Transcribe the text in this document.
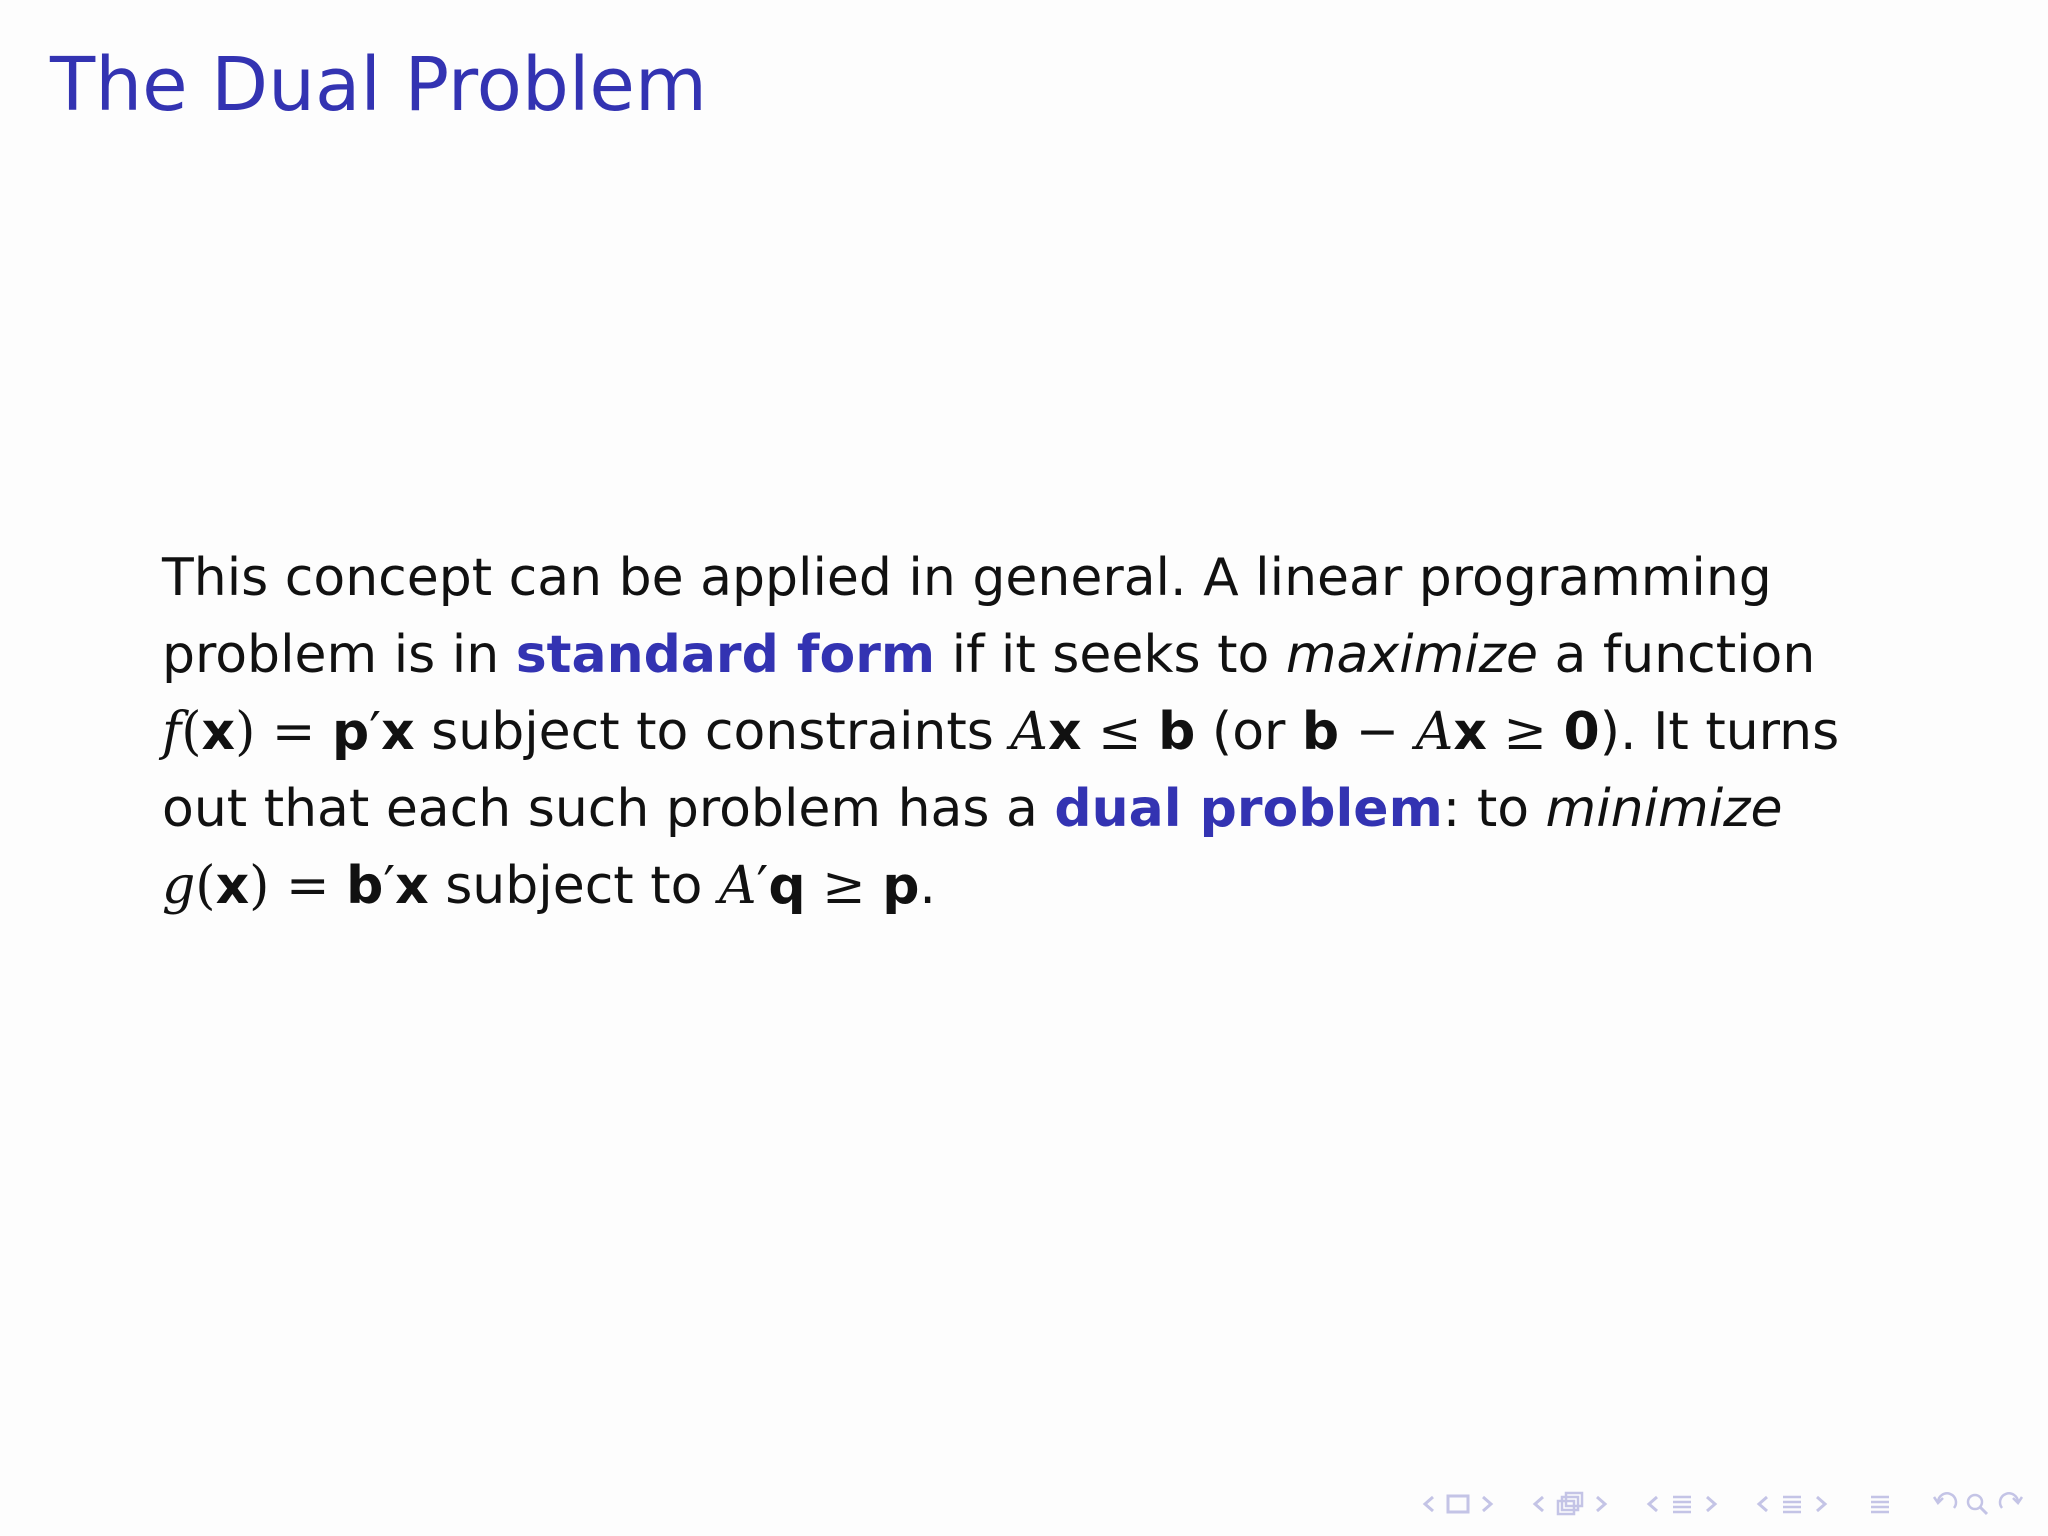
The Dual Problem
This concept can be applied in general. A linear programming
problem is in standard form if it seeks to maximize a function
f(x) = p′x subject to constraints Ax ≤ b (or b − Ax ≥ 0). It turns
out that each such problem has a dual problem: to minimize
g(x) = b′x subject to A′q ≥ p.
